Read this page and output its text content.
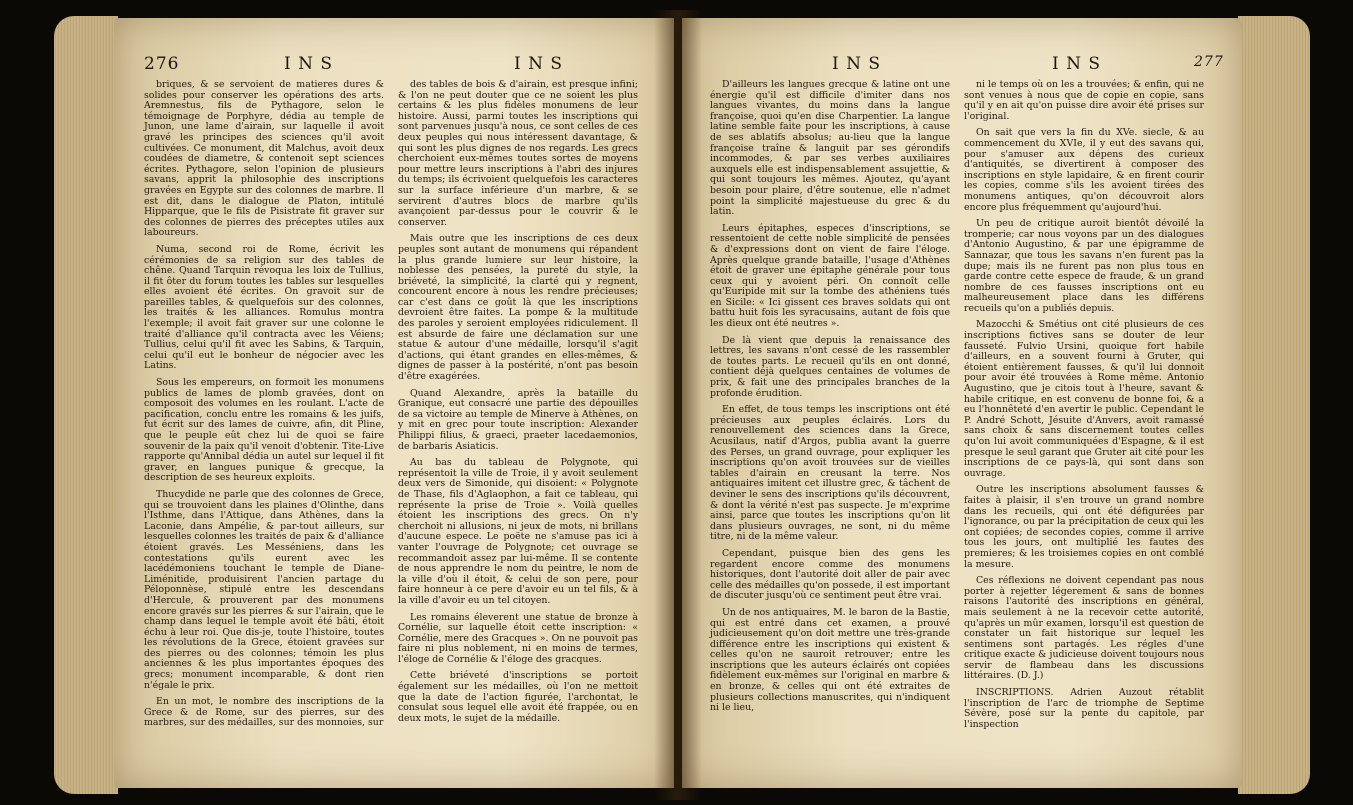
276	I N S	I N S

briques, & se servoient de matieres dures & solides pour conserver les opérations des arts. Aremnestus, fils de Pythagore, selon le témoignage de Porphyre, dédia au temple de Junon, une lame d'airain, sur laquelle il avoit gravé les principes des sciences qu'il avoit cultivées. Ce monument, dit Malchus, avoit deux coudées de diametre, & contenoit sept sciences écrites. Pythagore, selon l'opinion de plusieurs savans, apprit la philosophie des inscriptions gravées en Egypte sur des colonnes de marbre. Il est dit, dans le dialogue de Platon, intitulé Hipparque, que le fils de Pisistrate fit graver sur des colonnes de pierres des préceptes utiles aux laboureurs.

Numa, second roi de Rome, écrivit les cérémonies de sa religion sur des tables de chêne. Quand Tarquin révoqua les loix de Tullius, il fit ôter du forum toutes les tables sur lesquelles elles avoient été écrites. On gravoit sur de pareilles tables, & quelquefois sur des colonnes, les traités & les alliances. Romulus montra l'exemple; il avoit fait graver sur une colonne le traité d'alliance qu'il contracta avec les Véiens; Tullius, celui qu'il fit avec les Sabins, & Tarquin, celui qu'il eut le bonheur de négocier avec les Latins.

Sous les empereurs, on formoit les monumens publics de lames de plomb gravées, dont on composoit des volumes en les roulant. L'acte de pacification, conclu entre les romains & les juifs, fut écrit sur des lames de cuivre, afin, dit Pline, que le peuple eût chez lui de quoi se faire souvenir de la paix qu'il venoit d'obtenir. Tite-Live rapporte qu'Annibal dédia un autel sur lequel il fit graver, en langues punique & grecque, la description de ses heureux exploits.

Thucydide ne parle que des colonnes de Grece, qui se trouvoient dans les plaines d'Olinthe, dans l'Isthme, dans l'Attique, dans Athènes, dans la Laconie, dans Ampélie, & par-tout ailleurs, sur lesquelles colonnes les traités de paix & d'alliance étoient gravés. Les Messéniens, dans les contestations qu'ils eurent avec les lacédémoniens touchant le temple de Diane-Liménitide, produisirent l'ancien partage du Péloponnèse, stipulé entre les descendans d'Hercule, & prouverent par des monumens encore gravés sur les pierres & sur l'airain, que le champ dans lequel le temple avoit été bâti, étoit échu à leur roi. Que dis-je, toute l'histoire, toutes les révolutions de la Grece, étoient gravées sur des pierres ou des colonnes; témoin les plus anciennes & les plus importantes époques des grecs; monument incomparable, & dont rien n'égale le prix.

En un mot, le nombre des inscriptions de la Grece & de Rome, sur des pierres, sur des marbres, sur des médailles, sur des monnoies, sur

des tables de bois & d'airain, est presque infini; & l'on ne peut douter que ce ne soient les plus certains & les plus fidèles monumens de leur histoire. Aussi, parmi toutes les inscriptions qui sont parvenues jusqu'à nous, ce sont celles de ces deux peuples qui nous intéressent davantage, & qui sont les plus dignes de nos regards. Les grecs cherchoient eux-mêmes toutes sortes de moyens pour mettre leurs inscriptions à l'abri des injures du temps; ils écrivoient quelquefois les caracteres sur la surface inférieure d'un marbre, & se servirent d'autres blocs de marbre qu'ils avançoient par-dessus pour le couvrir & le conserver.

Mais outre que les inscriptions de ces deux peuples sont autant de monumens qui répandent la plus grande lumiere sur leur histoire, la noblesse des pensées, la pureté du style, la briéveté, la simplicité, la clarté qui y regnent, concourent encore à nous les rendre précieuses; car c'est dans ce goût là que les inscriptions devroient être faites. La pompe & la multitude des paroles y seroient employées ridiculement. Il est absurde de faire une déclamation sur une statue & autour d'une médaille, lorsqu'il s'agit d'actions, qui étant grandes en elles-mêmes, & dignes de passer à la postérité, n'ont pas besoin d'être exagérées.

Quand Alexandre, après la bataille du Granique, eut consacré une partie des dépouilles de sa victoire au temple de Minerve à Athènes, on y mit en grec pour toute inscription: Alexander Philippi filius, & graeci, praeter lacedaemonios, de barbaris Asiaticis.

Au bas du tableau de Polygnote, qui représentoit la ville de Troie, il y avoit seulement deux vers de Simonide, qui disoient: « Polygnote de Thase, fils d'Aglaophon, a fait ce tableau, qui représente la prise de Troie ». Voilà quelles étoient les inscriptions des grecs. On n'y cherchoit ni allusions, ni jeux de mots, ni brillans d'aucune espece. Le poëte ne s'amuse pas ici à vanter l'ouvrage de Polygnote; cet ouvrage se recommandoit assez par lui-même. Il se contente de nous apprendre le nom du peintre, le nom de la ville d'où il étoit, & celui de son pere, pour faire honneur à ce pere d'avoir eu un tel fils, & à la ville d'avoir eu un tel citoyen.

Les romains éleverent une statue de bronze à Cornélie, sur laquelle étoit cette inscription: « Cornélie, mere des Gracques ». On ne pouvoit pas faire ni plus noblement, ni en moins de termes, l'éloge de Cornélie & l'éloge des gracques.

Cette briéveté d'inscriptions se portoit également sur les médailles, où l'on ne mettoit que la date de l'action figurée, l'archontat, le consulat sous lequel elle avoit été frappée, ou en deux mots, le sujet de la médaille.

I N S	I N S	277

D'ailleurs les langues grecque & latine ont une énergie qu'il est difficile d'imiter dans nos langues vivantes, du moins dans la langue françoise, quoi qu'en dise Charpentier. La langue latine semble faite pour les inscriptions, à cause de ses ablatifs absolus; au-lieu que la langue françoise traîne & languit par ses gérondifs incommodes, & par ses verbes auxiliaires auxquels elle est indispensablement assujettie, & qui sont toujours les mêmes. Ajoutez, qu'ayant besoin pour plaire, d'être soutenue, elle n'admet point la simplicité majestueuse du grec & du latin.

Leurs épitaphes, especes d'inscriptions, se ressentoient de cette noble simplicité de pensées & d'expressions dont on vient de faire l'éloge. Après quelque grande bataille, l'usage d'Athènes étoit de graver une épitaphe générale pour tous ceux qui y avoient péri. On connoît celle qu'Euripide mit sur la tombe des athéniens tués en Sicile: « Ici gissent ces braves soldats qui ont battu huit fois les syracusains, autant de fois que les dieux ont été neutres ».

De là vient que depuis la renaissance des lettres, les savans n'ont cessé de les rassembler de toutes parts. Le recueil qu'ils en ont donné, contient déjà quelques centaines de volumes de prix, & fait une des principales branches de la profonde érudition.

En effet, de tous temps les inscriptions ont été précieuses aux peuples éclairés. Lors du renouvellement des sciences dans la Grece, Acusilaus, natif d'Argos, publia avant la guerre des Perses, un grand ouvrage, pour expliquer les inscriptions qu'on avoit trouvées sur de vieilles tables d'airain en creusant la terre. Nos antiquaires imitent cet illustre grec, & tâchent de deviner le sens des inscriptions qu'ils découvrent, & dont la vérité n'est pas suspecte. Je m'exprime ainsi, parce que toutes les inscriptions qu'on lit dans plusieurs ouvrages, ne sont, ni du même titre, ni de la même valeur.

Cependant, puisque bien des gens les regardent encore comme des monumens historiques, dont l'autorité doit aller de pair avec celle des médailles qu'on possede, il est important de discuter jusqu'où ce sentiment peut être vrai.

Un de nos antiquaires, M. le baron de la Bastie, qui est entré dans cet examen, a prouvé judicieusement qu'on doit mettre une très-grande différence entre les inscriptions qui existent & celles qu'on ne sauroit retrouver; entre les inscriptions que les auteurs éclairés ont copiées fidèlement eux-mêmes sur l'original en marbre & en bronze, & celles qui ont été extraites de plusieurs collections manuscrites, qui n'indiquent ni le lieu,

ni le temps où on les a trouvées; & enfin, qui ne sont venues à nous que de copie en copie, sans qu'il y en ait qu'on puisse dire avoir été prises sur l'original.

On sait que vers la fin du XVe. siecle, & au commencement du XVIe, il y eut des savans qui, pour s'amuser aux dépens des curieux d'antiquités, se divertirent à composer des inscriptions en style lapidaire, & en firent courir les copies, comme s'ils les avoient tirées des monumens antiques, qu'on découvroit alors encore plus fréquemment qu'aujourd'hui.

Un peu de critique auroit bientôt dévoilé la tromperie; car nous voyons par un des dialogues d'Antonio Augustino, & par une épigramme de Sannazar, que tous les savans n'en furent pas la dupe; mais ils ne furent pas non plus tous en garde contre cette espece de fraude, & un grand nombre de ces fausses inscriptions ont eu malheureusement place dans les différens recueils qu'on a publiés depuis.

Mazocchi & Smétius ont cité plusieurs de ces inscriptions fictives sans se douter de leur fausseté. Fulvio Ursini, quoique fort habile d'ailleurs, en a souvent fourni à Gruter, qui étoient entièrement fausses, & qu'il lui donnoit pour avoir été trouvées à Rome même. Antonio Augustino, que je citois tout à l'heure, savant & habile critique, en est convenu de bonne foi, & a eu l'honnêteté d'en avertir le public. Cependant le P. André Schott, Jésuite d'Anvers, avoit ramassé sans choix & sans discernement toutes celles qu'on lui avoit communiquées d'Espagne, & il est presque le seul garant que Gruter ait cité pour les inscriptions de ce pays-là, qui sont dans son ouvrage.

Outre les inscriptions absolument fausses & faites à plaisir, il s'en trouve un grand nombre dans les recueils, qui ont été défigurées par l'ignorance, ou par la précipitation de ceux qui les ont copiées; de secondes copies, comme il arrive tous les jours, ont multiplié les fautes des premieres; & les troisiemes copies en ont comblé la mesure.

Ces réflexions ne doivent cependant pas nous porter à rejetter légerement & sans de bonnes raisons l'autorité des inscriptions en général, mais seulement à ne la recevoir cette autorité, qu'après un mûr examen, lorsqu'il est question de constater un fait historique sur lequel les sentimens sont partagés. Les régles d'une critique exacte & judicieuse doivent toujours nous servir de flambeau dans les discussions littéraires. (D. J.)

INSCRIPTIONS. Adrien Auzout rétablit l'inscription de l'arc de triomphe de Septime Sévère, posé sur la pente du capitole, par l'inspection
